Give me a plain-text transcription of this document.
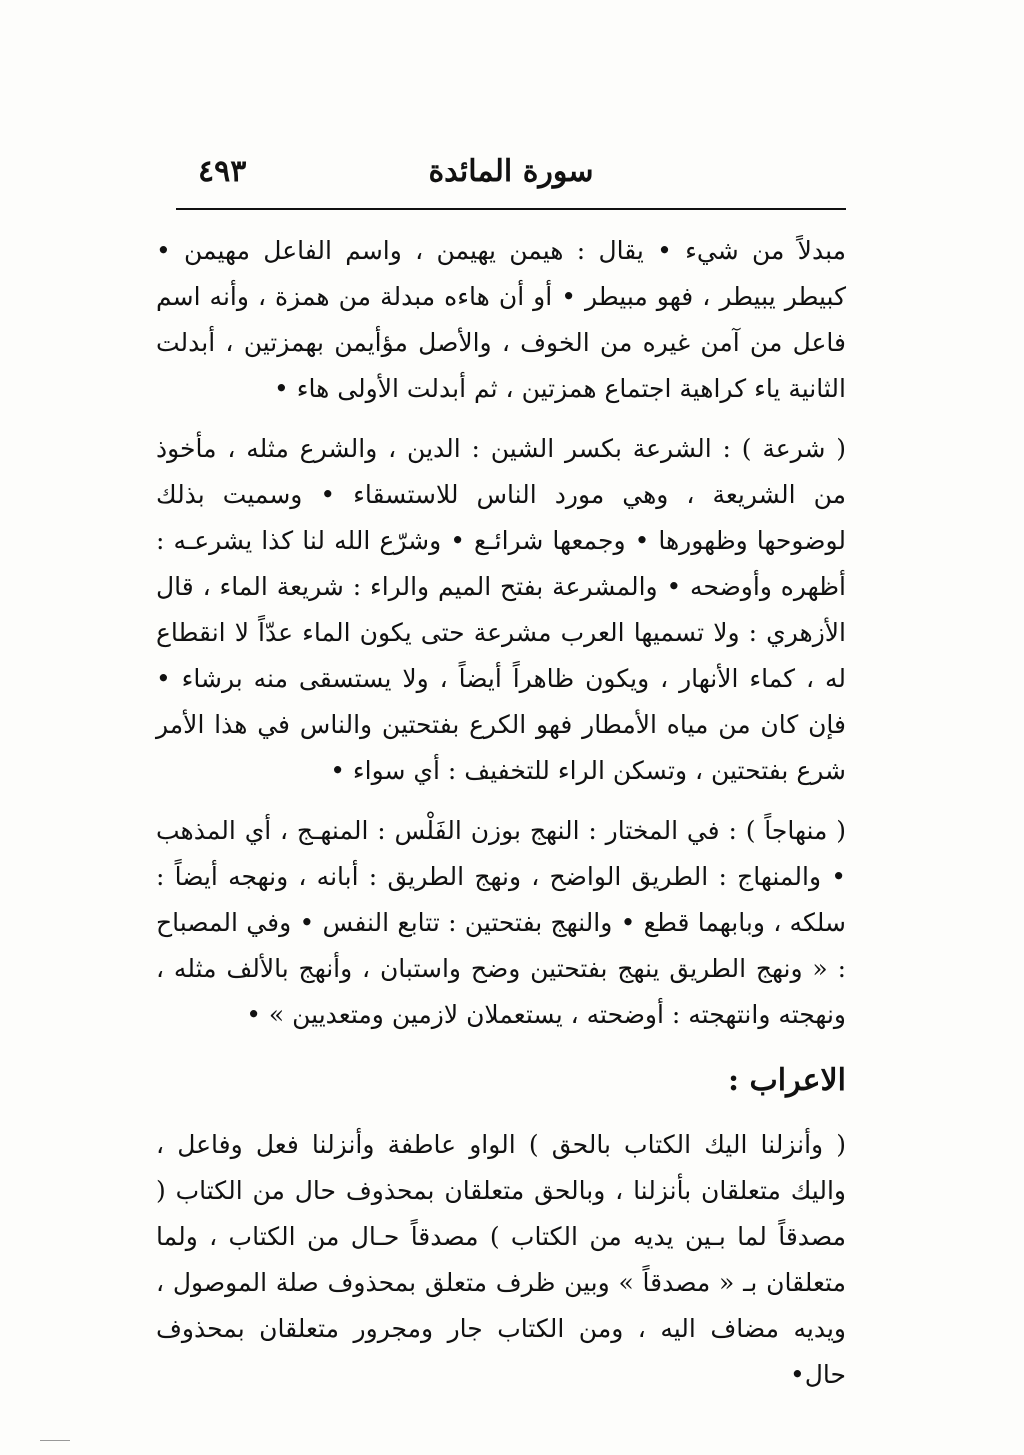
سورة المائدة
٤٩٣

مبدلاً من شيء • يقال : هيمن يهيمن ، واسم الفاعل مهيمن • كبيطر يبيطر ، فهو مبيطر • أو أن هاءه مبدلة من همزة ، وأنه اسم فاعل من آمن غيره من الخوف ، والأصل مؤأيمن بهمزتين ، أبدلت الثانية ياء كراهية اجتماع همزتين ، ثم أبدلت الأولى هاء •

( شرعة ) : الشرعة بكسر الشين : الدين ، والشرع مثله ، مأخوذ من الشريعة ، وهي مورد الناس للاستسقاء • وسميت بذلك لوضوحها وظهورها • وجمعها شرائـع • وشرّع الله لنا كذا يشرعـه : أظهره وأوضحه • والمشرعة بفتح الميم والراء : شريعة الماء ، قال الأزهري : ولا تسميها العرب مشرعة حتى يكون الماء عدّاً لا انقطاع له ، كماء الأنهار ، ويكون ظاهراً أيضاً ، ولا يستسقى منه برشاء • فإن كان من مياه الأمطار فهو الكرع بفتحتين والناس في هذا الأمر شرع بفتحتين ، وتسكن الراء للتخفيف : أي سواء •

( منهاجاً ) : في المختار : النهج بوزن الفَلْس : المنهـج ، أي المذهب • والمنهاج : الطريق الواضح ، ونهج الطريق : أبانه ، ونهجه أيضاً : سلكه ، وبابهما قطع • والنهج بفتحتين : تتابع النفس • وفي المصباح : « ونهج الطريق ينهج بفتحتين وضح واستبان ، وأنهج بالألف مثله ، ونهجته وانتهجته : أوضحته ، يستعملان لازمين ومتعديين » •

الاعراب :

( وأنزلنا اليك الكتاب بالحق ) الواو عاطفة وأنزلنا فعل وفاعل ، واليك متعلقان بأنزلنا ، وبالحق متعلقان بمحذوف حال من الكتاب ( مصدقاً لما بـين يديه من الكتاب ) مصدقاً حـال من الكتاب ، ولما متعلقان بـ « مصدقاً » وبين ظرف متعلق بمحذوف صلة الموصول ، ويديه مضاف اليه ، ومن الكتاب جار ومجرور متعلقان بمحذوف حال•
